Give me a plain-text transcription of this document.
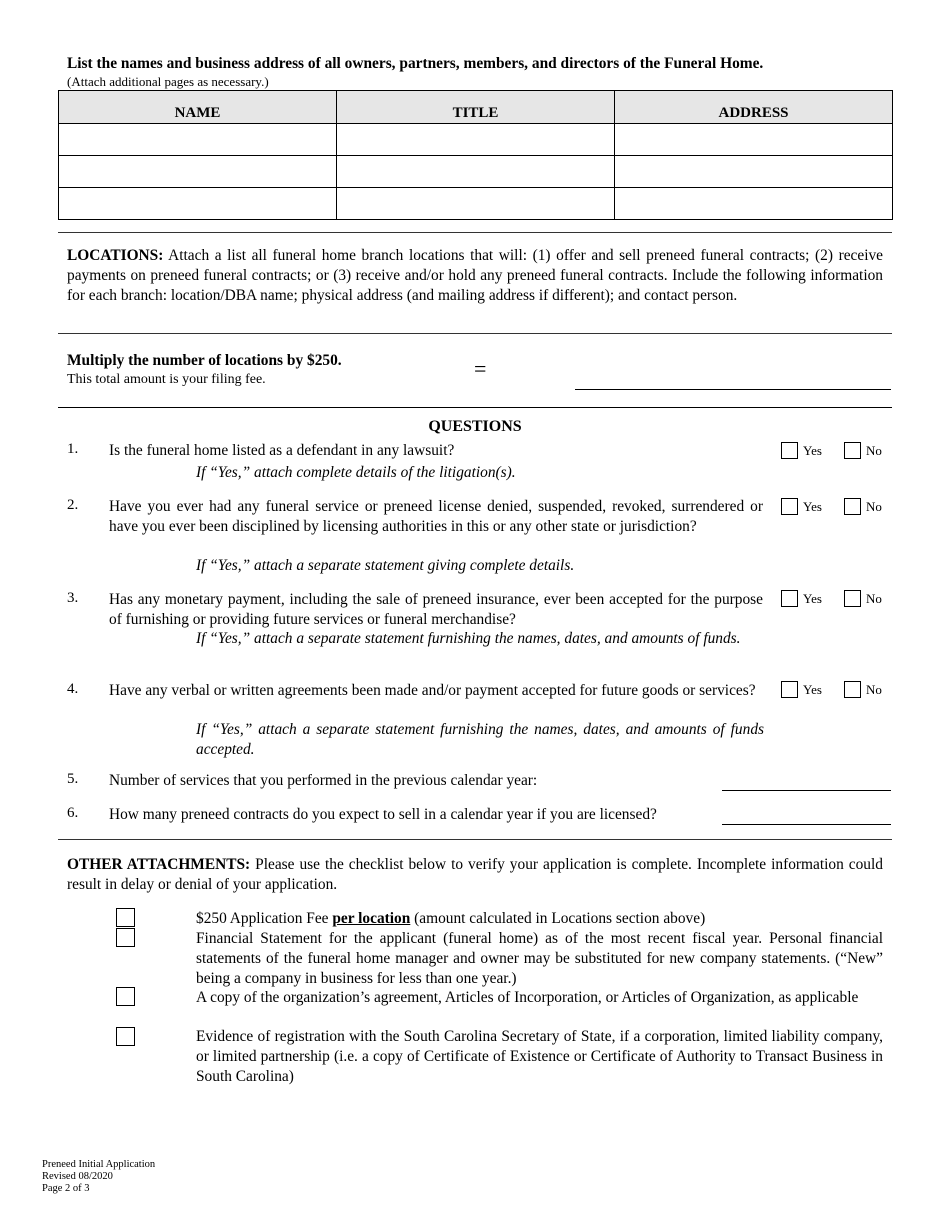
List the names and business address of all owners, partners, members, and directors of the Funeral Home.
(Attach additional pages as necessary.)
NAME	TITLE	ADDRESS

LOCATIONS: Attach a list all funeral home branch locations that will: (1) offer and sell preneed funeral contracts; (2) receive payments on preneed funeral contracts; or (3) receive and/or hold any preneed funeral contracts. Include the following information for each branch: location/DBA name; physical address (and mailing address if different); and contact person.
Multiply the number of locations by $250.
This total amount is your filing fee.	=
QUESTIONS
1. Is the funeral home listed as a defendant in any lawsuit?
If “Yes,” attach complete details of the litigation(s).
Yes	No
2. Have you ever had any funeral service or preneed license denied, suspended, revoked, surrendered or have you ever been disciplined by licensing authorities in this or any other state or jurisdiction?
If “Yes,” attach a separate statement giving complete details.
Yes	No
3. Has any monetary payment, including the sale of preneed insurance, ever been accepted for the purpose of furnishing or providing future services or funeral merchandise?
If “Yes,” attach a separate statement furnishing the names, dates, and amounts of funds.
Yes	No
4. Have any verbal or written agreements been made and/or payment accepted for future goods or services?
If “Yes,” attach a separate statement furnishing the names, dates, and amounts of funds accepted.
Yes	No
5. Number of services that you performed in the previous calendar year:
6. How many preneed contracts do you expect to sell in a calendar year if you are licensed?
OTHER ATTACHMENTS: Please use the checklist below to verify your application is complete. Incomplete information could result in delay or denial of your application.
$250 Application Fee per location (amount calculated in Locations section above)
Financial Statement for the applicant (funeral home) as of the most recent fiscal year. Personal financial statements of the funeral home manager and owner may be substituted for new company statements. (“New” being a company in business for less than one year.)
A copy of the organization’s agreement, Articles of Incorporation, or Articles of Organization, as applicable
Evidence of registration with the South Carolina Secretary of State, if a corporation, limited liability company, or limited partnership (i.e. a copy of Certificate of Existence or Certificate of Authority to Transact Business in South Carolina)
Preneed Initial Application
Revised 08/2020
Page 2 of 3
